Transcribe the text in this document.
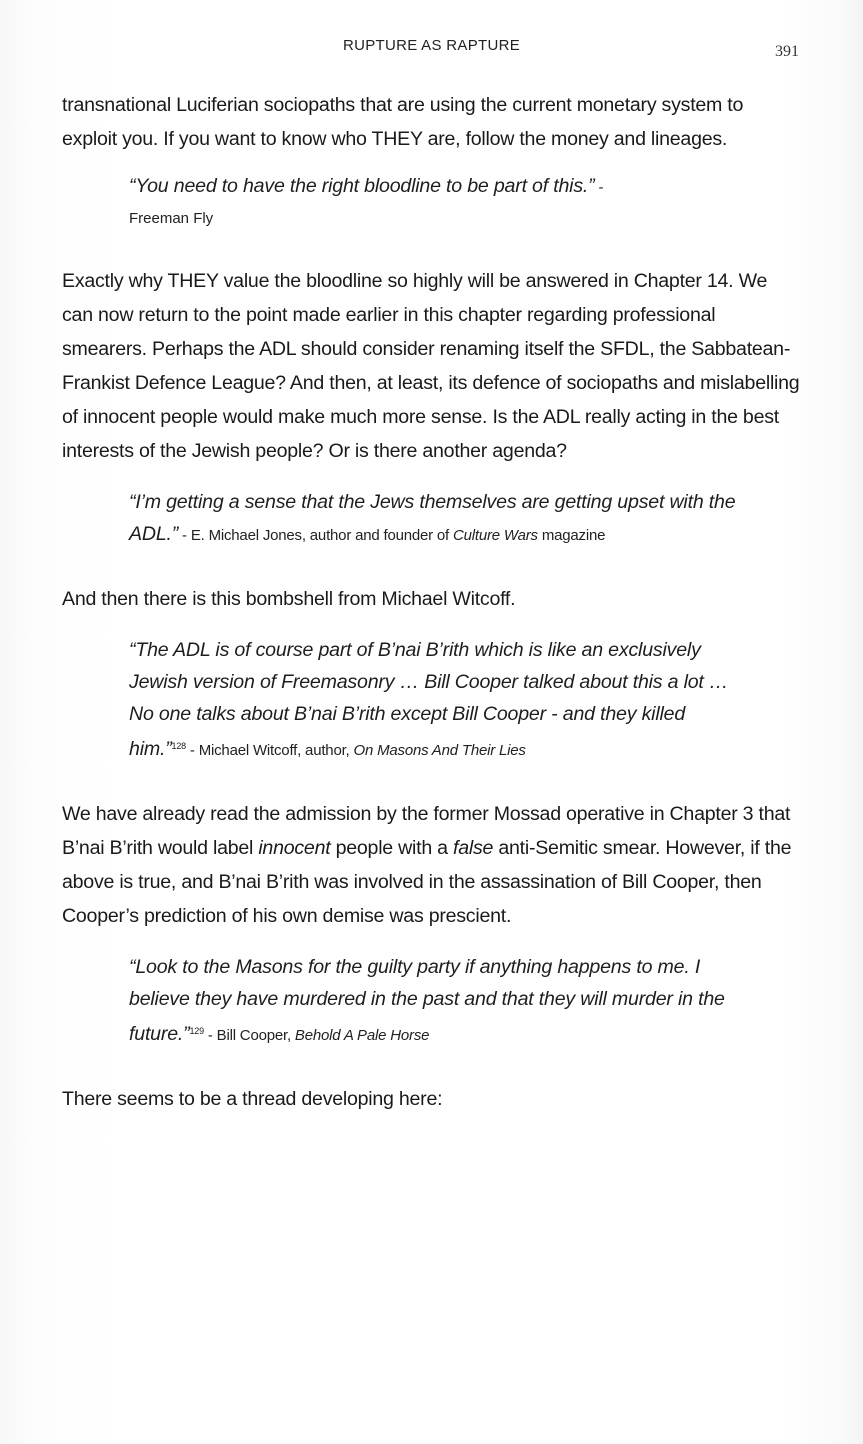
RUPTURE AS RAPTURE	391

transnational Luciferian sociopaths that are using the current monetary system to exploit you. If you want to know who THEY are, follow the money and lineages.

“You need to have the right bloodline to be part of this.” -
Freeman Fly

Exactly why THEY value the bloodline so highly will be answered in Chapter 14. We can now return to the point made earlier in this chapter regarding professional smearers. Perhaps the ADL should consider renaming itself the SFDL, the Sabbatean-Frankist Defence League? And then, at least, its defence of sociopaths and mislabelling of innocent people would make much more sense. Is the ADL really acting in the best interests of the Jewish people? Or is there another agenda?

“I’m getting a sense that the Jews themselves are getting upset with the ADL.” - E. Michael Jones, author and founder of Culture Wars magazine

And then there is this bombshell from Michael Witcoff.

“The ADL is of course part of B’nai B’rith which is like an exclusively Jewish version of Freemasonry … Bill Cooper talked about this a lot … No one talks about B’nai B’rith except Bill Cooper - and they killed him.”$^{128}$ - Michael Witcoff, author, On Masons And Their Lies

We have already read the admission by the former Mossad operative in Chapter 3 that B’nai B’rith would label innocent people with a false anti-Semitic smear. However, if the above is true, and B’nai B’rith was involved in the assassination of Bill Cooper, then Cooper’s prediction of his own demise was prescient.

“Look to the Masons for the guilty party if anything happens to me. I believe they have murdered in the past and that they will murder in the future.”$^{129}$ - Bill Cooper, Behold A Pale Horse

There seems to be a thread developing here:
